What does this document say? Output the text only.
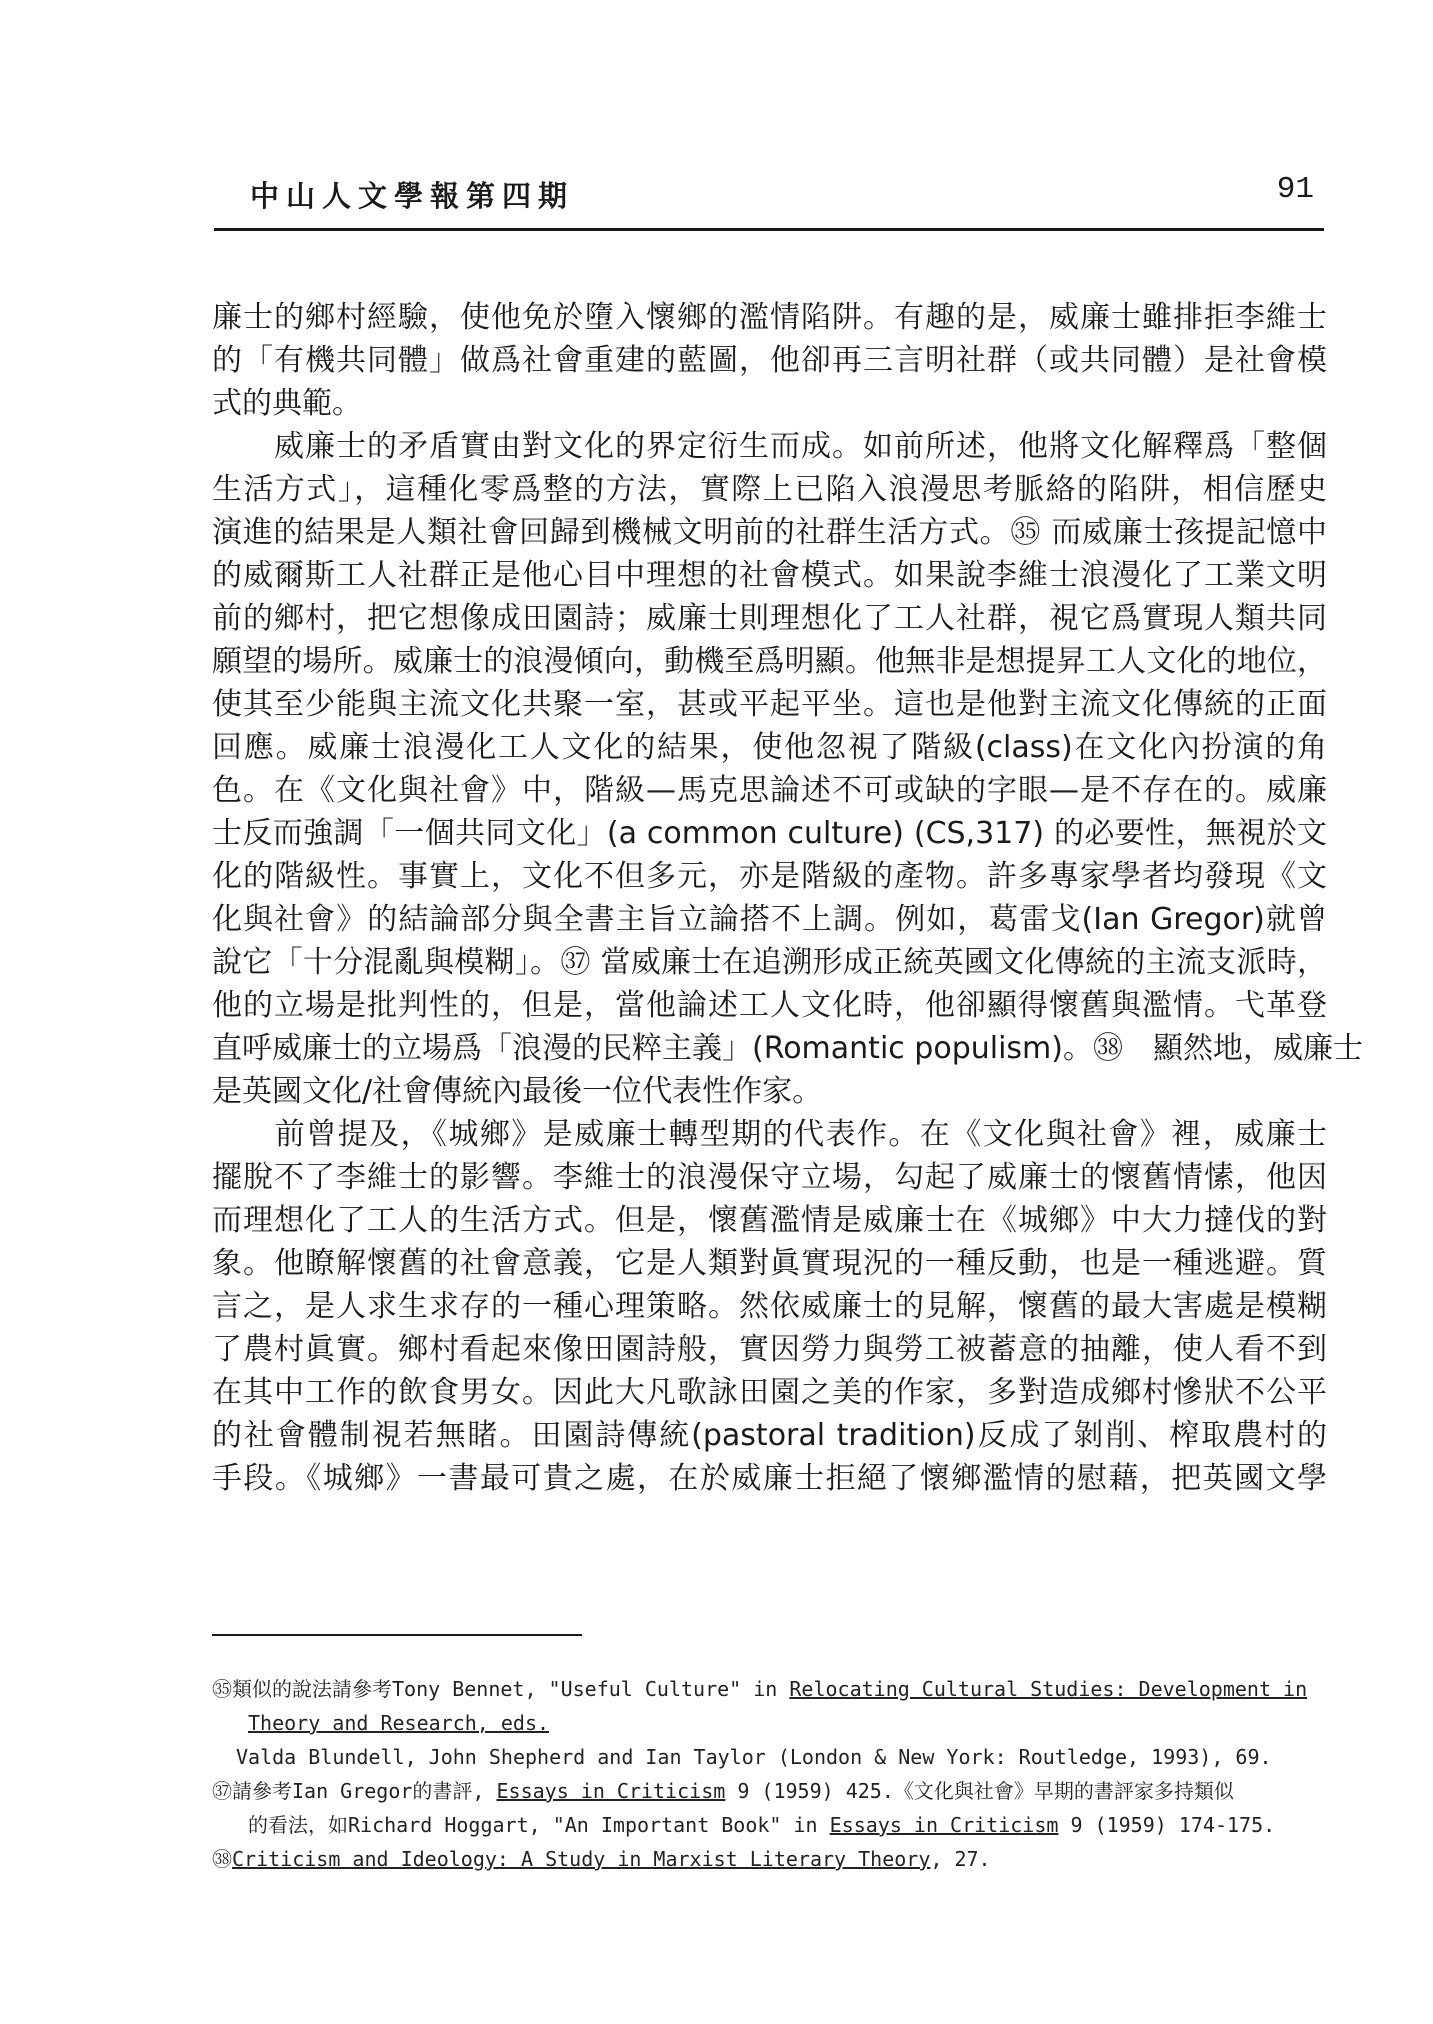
中山人文學報第四期	91
廉士的鄉村經驗，使他免於墮入懷鄉的濫情陷阱。有趣的是，威廉士雖排拒李維士
的「有機共同體」做爲社會重建的藍圖，他卻再三言明社群（或共同體）是社會模
式的典範。
　　威廉士的矛盾實由對文化的界定衍生而成。如前所述，他將文化解釋爲「整個
生活方式」，這種化零爲整的方法，實際上已陷入浪漫思考脈絡的陷阱，相信歷史
演進的結果是人類社會回歸到機械文明前的社群生活方式。㉟ 而威廉士孩提記憶中
的威爾斯工人社群正是他心目中理想的社會模式。如果說李維士浪漫化了工業文明
前的鄉村，把它想像成田園詩；威廉士則理想化了工人社群，視它爲實現人類共同
願望的場所。威廉士的浪漫傾向，動機至爲明顯。他無非是想提昇工人文化的地位，
使其至少能與主流文化共聚一室，甚或平起平坐。這也是他對主流文化傳統的正面
回應。威廉士浪漫化工人文化的結果，使他忽視了階級(class)在文化內扮演的角
色。在《文化與社會》中，階級—馬克思論述不可或缺的字眼—是不存在的。威廉
士反而強調「一個共同文化」(a common culture) (CS,317) 的必要性，無視於文
化的階級性。事實上，文化不但多元，亦是階級的產物。許多專家學者均發現《文
化與社會》的結論部分與全書主旨立論搭不上調。例如，葛雷戈(Ian Gregor)就曾
說它「十分混亂與模糊」。㊲ 當威廉士在追溯形成正統英國文化傳統的主流支派時，
他的立場是批判性的，但是，當他論述工人文化時，他卻顯得懷舊與濫情。弋革登
直呼威廉士的立場爲「浪漫的民粹主義」(Romantic populism)。㊳　顯然地，威廉士
是英國文化/社會傳統內最後一位代表性作家。
　　前曾提及，《城鄉》是威廉士轉型期的代表作。在《文化與社會》裡，威廉士
擺脫不了李維士的影響。李維士的浪漫保守立場，勾起了威廉士的懷舊情愫，他因
而理想化了工人的生活方式。但是，懷舊濫情是威廉士在《城鄉》中大力撻伐的對
象。他瞭解懷舊的社會意義，它是人類對眞實現況的一種反動，也是一種逃避。質
言之，是人求生求存的一種心理策略。然依威廉士的見解，懷舊的最大害處是模糊
了農村眞實。鄉村看起來像田園詩般，實因勞力與勞工被蓄意的抽離，使人看不到
在其中工作的飲食男女。因此大凡歌詠田園之美的作家，多對造成鄉村慘狀不公平
的社會體制視若無睹。田園詩傳統(pastoral tradition)反成了剝削、榨取農村的
手段。《城鄉》一書最可貴之處，在於威廉士拒絕了懷鄉濫情的慰藉，把英國文學
㉟類似的說法請參考Tony Bennet, "Useful Culture" in Relocating Cultural Studies: Development in
Theory and Research, eds.
Valda Blundell, John Shepherd and Ian Taylor (London & New York: Routledge, 1993), 69.
㊲請參考Ian Gregor的書評, Essays in Criticism 9 (1959) 425.《文化與社會》早期的書評家多持類似
的看法，如Richard Hoggart, "An Important Book" in Essays in Criticism 9 (1959) 174-175.
㊳Criticism and Ideology: A Study in Marxist Literary Theory, 27.
